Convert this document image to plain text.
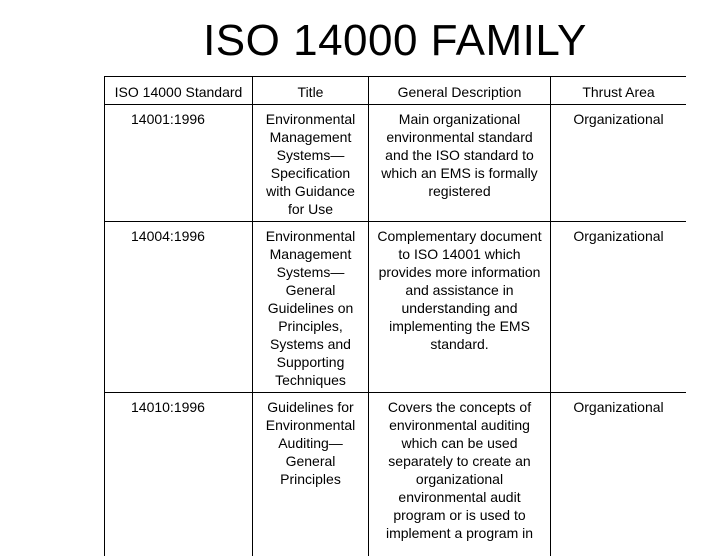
ISO 14000 FAMILY
ISO 14000 Standard	Title	General Description	Thrust Area
14001:1996	Environmental Management Systems—Specification with Guidance for Use	Main organizational environmental standard and the ISO standard to which an EMS is formally registered	Organizational
14004:1996	Environmental Management Systems—General Guidelines on Principles, Systems and Supporting Techniques	Complementary document to ISO 14001 which provides more information and assistance in understanding and implementing the EMS standard.	Organizational
14010:1996	Guidelines for Environmental Auditing—General Principles	Covers the concepts of environmental auditing which can be used separately to create an organizational environmental audit program or is used to implement a program in	Organizational
